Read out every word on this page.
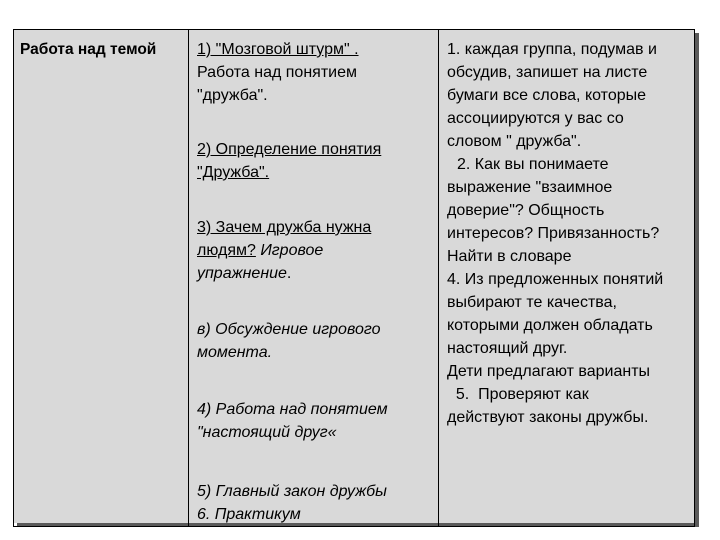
Работа над темой	1) "Мозговой штурм" .
Работа над понятием
"дружба".
2) Определение понятия
"Дружба".
3) Зачем дружба нужна
людям? Игровое
упражнение.
в) Обсуждение игрового
момента.
4) Работа над понятием
"настоящий друг«
5) Главный закон дружбы
6. Практикум
1. каждая группа, подумав и
обсудив, запишет на листе
бумаги все слова, которые
ассоциируются у вас со
словом " дружба".
2. Как вы понимаете
выражение "взаимное
доверие"? Общность
интересов? Привязанность?
Найти в словаре
4. Из предложенных понятий
выбирают те качества,
которыми должен обладать
настоящий друг.
Дети предлагают варианты
5.  Проверяют как
действуют законы дружбы.
